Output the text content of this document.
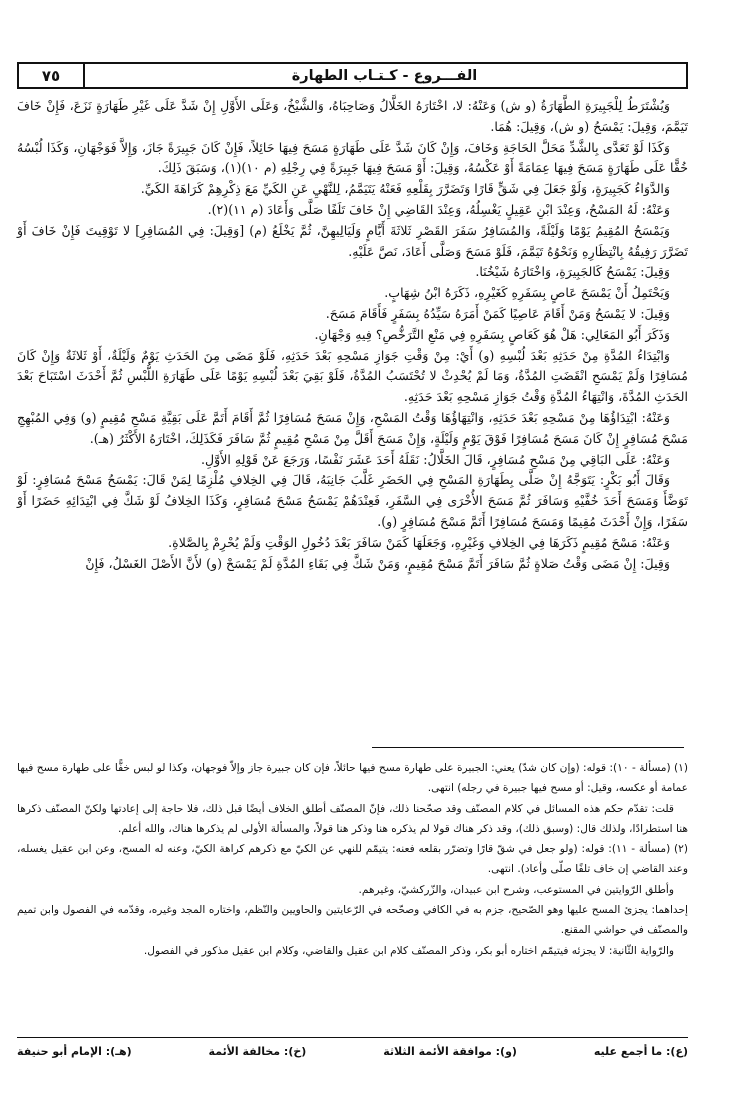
٧٥	الفـــروع - كـتـاب الطهارة

وَيُشْتَرَطُ لِلْجَبِيرَةِ الطَّهَارَةُ (و ش) وَعَنْهُ: لا، اخْتَارَهُ الخَلَّالُ وَصَاحِبَاهُ، وَالشَّيْخُ، وَعَلَى الأَوَّلِ إِنْ شَدَّ عَلَى غَيْرِ طَهَارَةٍ نَزَعَ، فَإِنْ خَافَ تَيَمَّمَ، وَقِيلَ: يَمْسَحُ (و ش)، وَقِيلَ: هُمَا.

وَكَذَا لَوْ تَعَدَّى بِالشَّدِّ مَحَلَّ الحَاجَةِ وَخَافَ، وَإِنْ كَانَ شَدَّ عَلَى طَهَارَةٍ مَسَحَ فِيهَا حَائِلاً، فَإِنْ كَانَ جَبِيرَةً جَازَ، وَإِلاَّ فَوَجْهَانِ، وَكَذَا لُبْسُهُ خُفًّا عَلَى طَهَارَةٍ مَسَحَ فِيهَا عِمَامَةً أَوْ عَكْسُهُ، وَقِيلَ: أَوْ مَسَحَ فِيهَا جَبِيرَةً فِي رِجْلِهِ (م ١٠)(١)، وَسَبَقَ ذَلِكَ.

وَالدَّوَاءُ كَجَبِيرَةٍ، وَلَوْ جَعَلَ فِي شَقٍّ قَارًا وَتَضَرَّرَ بِقَلْعِهِ فَعَنْهُ يَتَيَمَّمُ، لِلنَّهْيِ عَنِ الكَيِّ مَعَ ذِكْرِهِمْ كَرَاهَةَ الكَيِّ.

وَعَنْهُ: لَهُ المَسْحُ، وَعِنْدَ ابْنِ عَقِيلٍ يَغْسِلُهُ، وَعِنْدَ القَاضِي إِنْ خَافَ تَلَفًا صَلَّى وَأَعَادَ (م ١١)(٢).

وَيَمْسَحُ المُقِيمُ يَوْمًا وَلَيْلَةً، وَالمُسَافِرُ سَفَرَ القَصْرِ ثَلاثَةَ أَيَّامٍ وَلَيَالِيهِنَّ، ثُمَّ يَخْلَعُ (م) [وَقِيلَ: فِي المُسَافِرِ] لا تَوْقِيتَ فَإِنْ خَافَ أَوْ تَضَرَّرَ رَفِيقُهُ بِانْتِظَارِهِ وَنَحْوُهُ تَيَمَّمَ، فَلَوْ مَسَحَ وَصَلَّى أَعَادَ، نَصَّ عَلَيْهِ.

وَقِيلَ: يَمْسَحُ كَالجَبِيرَةِ، وَاخْتَارَهُ شَيْخُنَا.

وَيَحْتَمِلُ أَنْ يَمْسَحَ عَاصٍ بِسَفَرِهِ كَغَيْرِهِ، ذَكَرَهُ ابْنُ شِهَابٍ.

وَقِيلَ: لا يَمْسَحُ وَمَنْ أَقَامَ عَاصِيًا كَمَنْ أَمَرَهُ سَيِّدُهُ بِسَفَرٍ فَأَقَامَ مَسَحَ.

وَذَكَرَ أَبُو المَعَالِي: هَلْ هُوَ كَعَاصٍ بِسَفَرِهِ فِي مَنْعِ التَّرَخُّصِ؟ فِيهِ وَجْهَانِ.

وَابْتِدَاءُ المُدَّةِ مِنْ حَدَثِهِ بَعْدَ لُبْسِهِ (و) أَيْ: مِنْ وَقْتِ جَوَازِ مَسْحِهِ بَعْدَ حَدَثِهِ، فَلَوْ مَضَى مِنَ الحَدَثِ يَوْمٌ وَلَيْلَةٌ، أَوْ ثَلاثَةٌ وَإِنْ كَانَ مُسَافِرًا وَلَمْ يَمْسَحِ انْقَضَتِ المُدَّةُ، وَمَا لَمْ يُحْدِثْ لا تُحْتَسَبُ المُدَّةُ، فَلَوْ بَقِيَ بَعْدَ لُبْسِهِ يَوْمًا عَلَى طَهَارَةِ اللُّبْسِ ثُمَّ أَحْدَثَ اسْتَبَاحَ بَعْدَ الحَدَثِ المُدَّةَ، وَانْتِهَاءُ المُدَّةِ وَقْتُ جَوَازِ مَسْحِهِ بَعْدَ حَدَثِهِ.

وَعَنْهُ: ابْتِدَاؤُهَا مِنْ مَسْحِهِ بَعْدَ حَدَثِهِ، وَانْتِهَاؤُهَا وَقْتُ المَسْحِ، وَإِنْ مَسَحَ مُسَافِرًا ثُمَّ أَقَامَ أَتَمَّ عَلَى بَقِيَّةِ مَسْحِ مُقِيمٍ (و) وَفِي المُبْهِجِ مَسْحَ مُسَافِرٍ إِنْ كَانَ مَسَحَ مُسَافِرًا فَوْقَ يَوْمٍ وَلَيْلَةٍ، وَإِنْ مَسَحَ أَقَلَّ مِنْ مَسْحِ مُقِيمٍ ثُمَّ سَافَرَ فَكَذَلِكَ، اخْتَارَهُ الأَكْثَرُ (هـ).

وَعَنْهُ: عَلَى البَاقِي مِنْ مَسْحِ مُسَافِرٍ، قَالَ الخَلَّالُ: نَقَلَهُ أَحَدَ عَشَرَ نَفْسًا، وَرَجَعَ عَنْ قَوْلِهِ الأَوَّلِ.

وَقَالَ أَبُو بَكْرٍ: يَتَوَجَّهُ إِنْ صَلَّى بِطَهَارَةِ المَسْحِ فِي الحَضَرِ غَلَّبَ جَانِبَهُ، قَالَ فِي الخِلافِ مُلْزِمًا لِمَنْ قَالَ: يَمْسَحُ مَسْحَ مُسَافِرٍ: لَوْ تَوَضَّأَ وَمَسَحَ أَحَدَ خُفَّيْهِ وَسَافَرَ ثُمَّ مَسَحَ الأُخْرَى فِي السَّفَرِ، فَعِنْدَهُمْ يَمْسَحُ مَسْحَ مُسَافِرٍ، وَكَذَا الخِلافُ لَوْ شَكَّ فِي ابْتِدَائِهِ حَضَرًا أَوْ سَفَرًا، وَإِنْ أَحْدَثَ مُقِيمًا وَمَسَحَ مُسَافِرًا أَتَمَّ مَسْحَ مُسَافِرٍ (و).

وَعَنْهُ: مَسْحَ مُقِيمٍ ذَكَرَهَا فِي الخِلافِ وَغَيْرِهِ، وَجَعَلَهَا كَمَنْ سَافَرَ بَعْدَ دُخُولِ الوَقْتِ وَلَمْ يُحْرِمْ بِالصَّلاةِ.

وَقِيلَ: إِنْ مَضَى وَقْتُ صَلاةٍ ثُمَّ سَافَرَ أَتَمَّ مَسْحَ مُقِيمٍ، وَمَنْ شَكَّ فِي بَقَاءِ المُدَّةِ لَمْ يَمْسَحْ (و) لأَنَّ الأَصْلَ الغَسْلُ، فَإِنْ

(١) (مسألة - ١٠): قوله: (وإن كان شدّ) يعني: الجبيرة على طهارة مسح فيها حائلاً، فإن كان جبيرة جاز وإلاّ فوجهان، وكذا لو لبس خفًّا على طهارة مسح فيها عمامة أو عكسه، وقيل: أو مسح فيها جبيرة في رجله) انتهى.

قلت: تقدّم حكم هذه المسائل في كلام المصنّف وقد صحّحنا ذلك، فإنّ المصنّف أطلق الخلاف أيضًا قبل ذلك، فلا حاجة إلى إعادتها ولكنّ المصنّف ذكرها هنا استطرادًا، ولذلك قال: (وسبق ذلك)، وقد ذكر هناك قولا لم يذكره هنا وذكر هنا قولاً، والمسألة الأولى لم يذكرها هناك، والله أعلم.

(٢) (مسألة - ١١): قوله: (ولو جعل في شقّ قارًا وتضرّر بقلعه فعنه: يتيمّم للنهي عن الكيّ مع ذكرهم كراهة الكيّ، وعنه له المسح، وعن ابن عقيل يغسله، وعند القاضي إن خاف تلفًا صلّى وأعاد). انتهى.

وأطلق الرّوايتين في المستوعب، وشرح ابن عبيدان، والزّركشيّ، وغيرهم.

إحداهما: يجزئ المسح عليها وهو الصّحيح، جزم به في الكافي وصحّحه في الرّعايتين والحاويين والنّظم، واختاره المجد وغيره، وقدّمه في الفصول وابن تميم والمصنّف في حواشي المقنع.

والرّواية الثّانية: لا يجزئه فيتيمّم اختاره أبو بكر، وذكر المصنّف كلام ابن عقيل والقاضي، وكلام ابن عقيل مذكور في الفصول.

(ع): ما أجمع عليه
(و): موافقة الأئمة الثلاثة
(خ): مخالفة الأئمة
(هـ): الإمام أبو حنيفة
